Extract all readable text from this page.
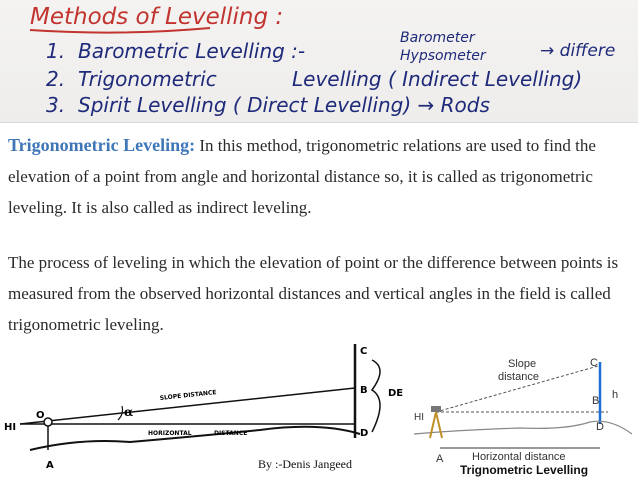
Methods of Levelling :
1. Barometric Levelling :-
Barometer
Hypsometer	→ differe
2. Trigonometric	Levelling ( Indirect Levelling)
3. Spirit Levelling ( Direct Levelling) → Rods

Trigonometric Leveling: In this method, trigonometric relations are used to find the elevation of a point from angle and horizontal distance so, it is called as trigonometric leveling. It is also called as indirect leveling.

The process of leveling in which the elevation of point or the difference between points is measured from the observed horizontal distances and vertical angles in the field is called trigonometric leveling.

C
B
D
DE
O
A
HI
α
SLOPE DISTANCE
HORIZONTAL	DISTANCE
Slope
distance
C
B
D
h
HI
A	Horizontal distance
Trignometric Levelling
By :-Denis Jangeed
